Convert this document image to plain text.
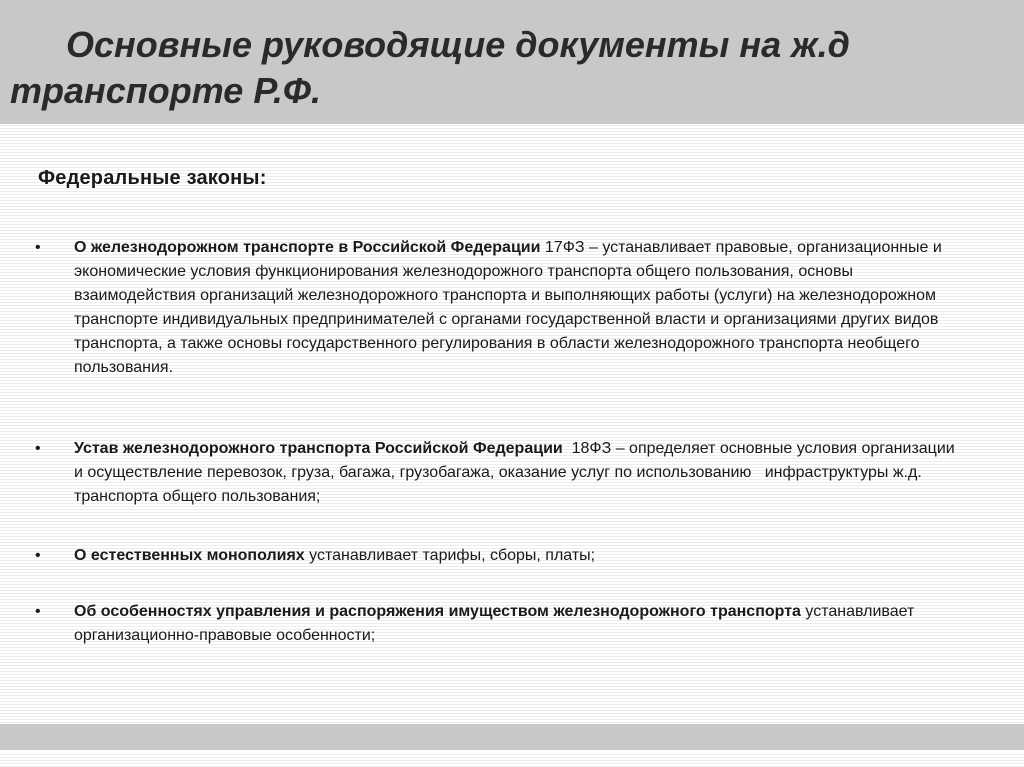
Основные руководящие документы на ж.д транспорте Р.Ф.
Федеральные законы:
• О железнодорожном транспорте в Российской Федерации 17ФЗ – устанавливает правовые, организационные и экономические условия функционирования железнодорожного транспорта общего пользования, основы взаимодействия организаций железнодорожного транспорта и выполняющих работы (услуги) на железнодорожном транспорте индивидуальных предпринимателей с органами государственной власти и организациями других видов транспорта, а также основы государственного регулирования в области железнодорожного транспорта необщего пользования.

• Устав железнодорожного транспорта Российской Федерации  18ФЗ – определяет основные условия организации и осуществление перевозок, груза, багажа, грузобагажа, оказание услуг по использованию   инфраструктуры ж.д. транспорта общего пользования;

• О естественных монополиях устанавливает тарифы, сборы, платы;

• Об особенностях управления и распоряжения имуществом железнодорожного транспорта устанавливает организационно-правовые особенности;
